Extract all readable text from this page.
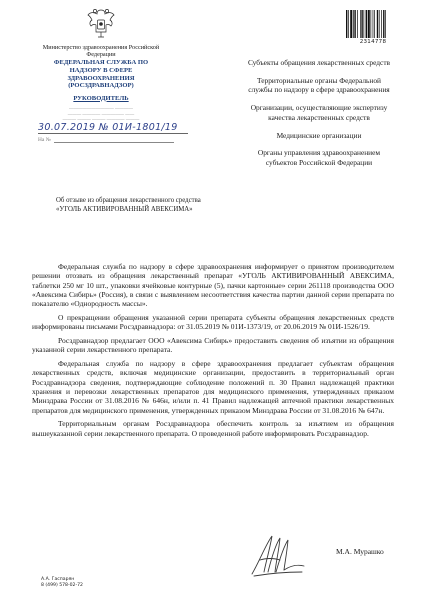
Министерство здравоохранения Российской Федерации
ФЕДЕРАЛЬНАЯ СЛУЖБА ПО НАДЗОРУ В СФЕРЕ ЗДРАВООХРАНЕНИЯ (РОСЗДРАВНАДЗОР)
РУКОВОДИТЕЛЬ
—————————— ————
——— ———— ————— ——
——— ——— ——— ———— ———
30.07.2019 № 01И-1801/19
На №
2314778
Субъекты обращения лекарственных средств
Территориальные органы Федеральной службы по надзору в сфере здравоохранения
Организации, осуществляющие экспертизу качества лекарственных средств
Медицинские организации
Органы управления здравоохранением субъектов Российской Федерации
Об отзыве из обращения лекарственного средства «УГОЛЬ АКТИВИРОВАННЫЙ АВЕКСИМА»

Федеральная служба по надзору в сфере здравоохранения информирует о принятом производителем решении отозвать из обращения лекарственный препарат «УГОЛЬ АКТИВИРОВАННЫЙ АВЕКСИМА, таблетки 250 мг 10 шт., упаковки ячейковые контурные (5), пачки картонные» серии 261118 производства ООО «Авексима Сибирь» (Россия), в связи с выявлением несоответствия качества партии данной серии препарата по показателю «Однородность массы».

О прекращении обращения указанной серии препарата субъекты обращения лекарственных средств информированы письмами Росздравнадзора: от 31.05.2019 № 01И-1373/19, от 20.06.2019 № 01И-1526/19.

Росздравнадзор предлагает ООО «Авексима Сибирь» предоставить сведения об изъятии из обращения указанной серии лекарственного препарата.

Федеральная служба по надзору в сфере здравоохранения предлагает субъектам обращения лекарственных средств, включая медицинские организации, предоставить в территориальный орган Росздравнадзора сведения, подтверждающие соблюдение положений п. 30 Правил надлежащей практики хранения и перевозки лекарственных препаратов для медицинского применения, утвержденных приказом Минздрава России от 31.08.2016 № 646н, и/или п. 41 Правил надлежащей аптечной практики лекарственных препаратов для медицинского применения, утвержденных приказом Минздрава России от 31.08.2016 № 647н.

Территориальным органам Росздравнадзора обеспечить контроль за изъятием из обращения вышеуказанной серии лекарственного препарата. О проведенной работе информировать Росздравнадзор.

М.А. Мурашко
А.А. Гаспарян
8 (499) 578-02-72
